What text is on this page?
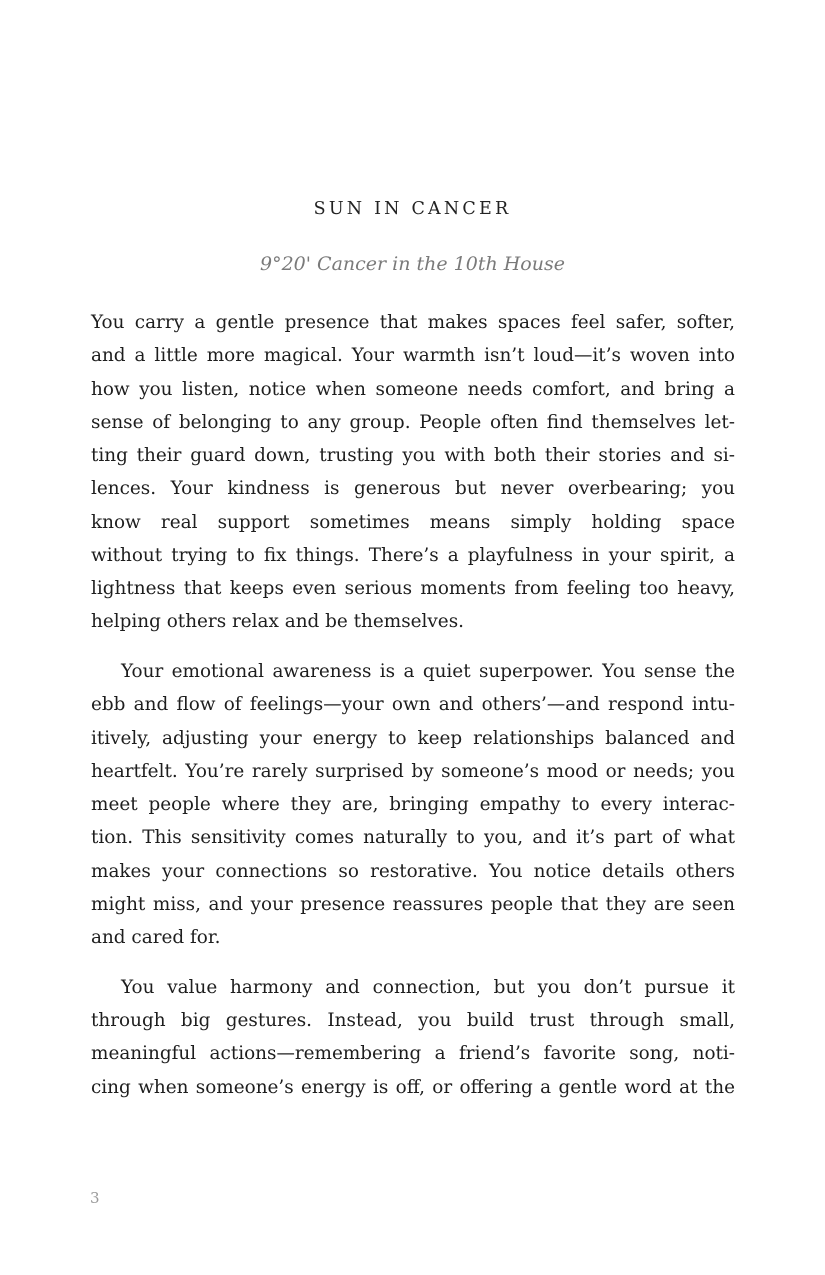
SUN IN CANCER
9°20' Cancer in the 10th House
You carry a gentle presence that makes spaces feel safer, softer,
and a little more magical. Your warmth isn’t loud—it’s woven into
how you listen, notice when someone needs comfort, and bring a
sense of belonging to any group. People often find themselves let-
ting their guard down, trusting you with both their stories and si-
lences. Your kindness is generous but never overbearing; you
know real support sometimes means simply holding space
without trying to fix things. There’s a playfulness in your spirit, a
lightness that keeps even serious moments from feeling too heavy,
helping others relax and be themselves.
Your emotional awareness is a quiet superpower. You sense the
ebb and flow of feelings—your own and others’—and respond intu-
itively, adjusting your energy to keep relationships balanced and
heartfelt. You’re rarely surprised by someone’s mood or needs; you
meet people where they are, bringing empathy to every interac-
tion. This sensitivity comes naturally to you, and it’s part of what
makes your connections so restorative. You notice details others
might miss, and your presence reassures people that they are seen
and cared for.
You value harmony and connection, but you don’t pursue it
through big gestures. Instead, you build trust through small,
meaningful actions—remembering a friend’s favorite song, noti-
cing when someone’s energy is off, or offering a gentle word at the
3
